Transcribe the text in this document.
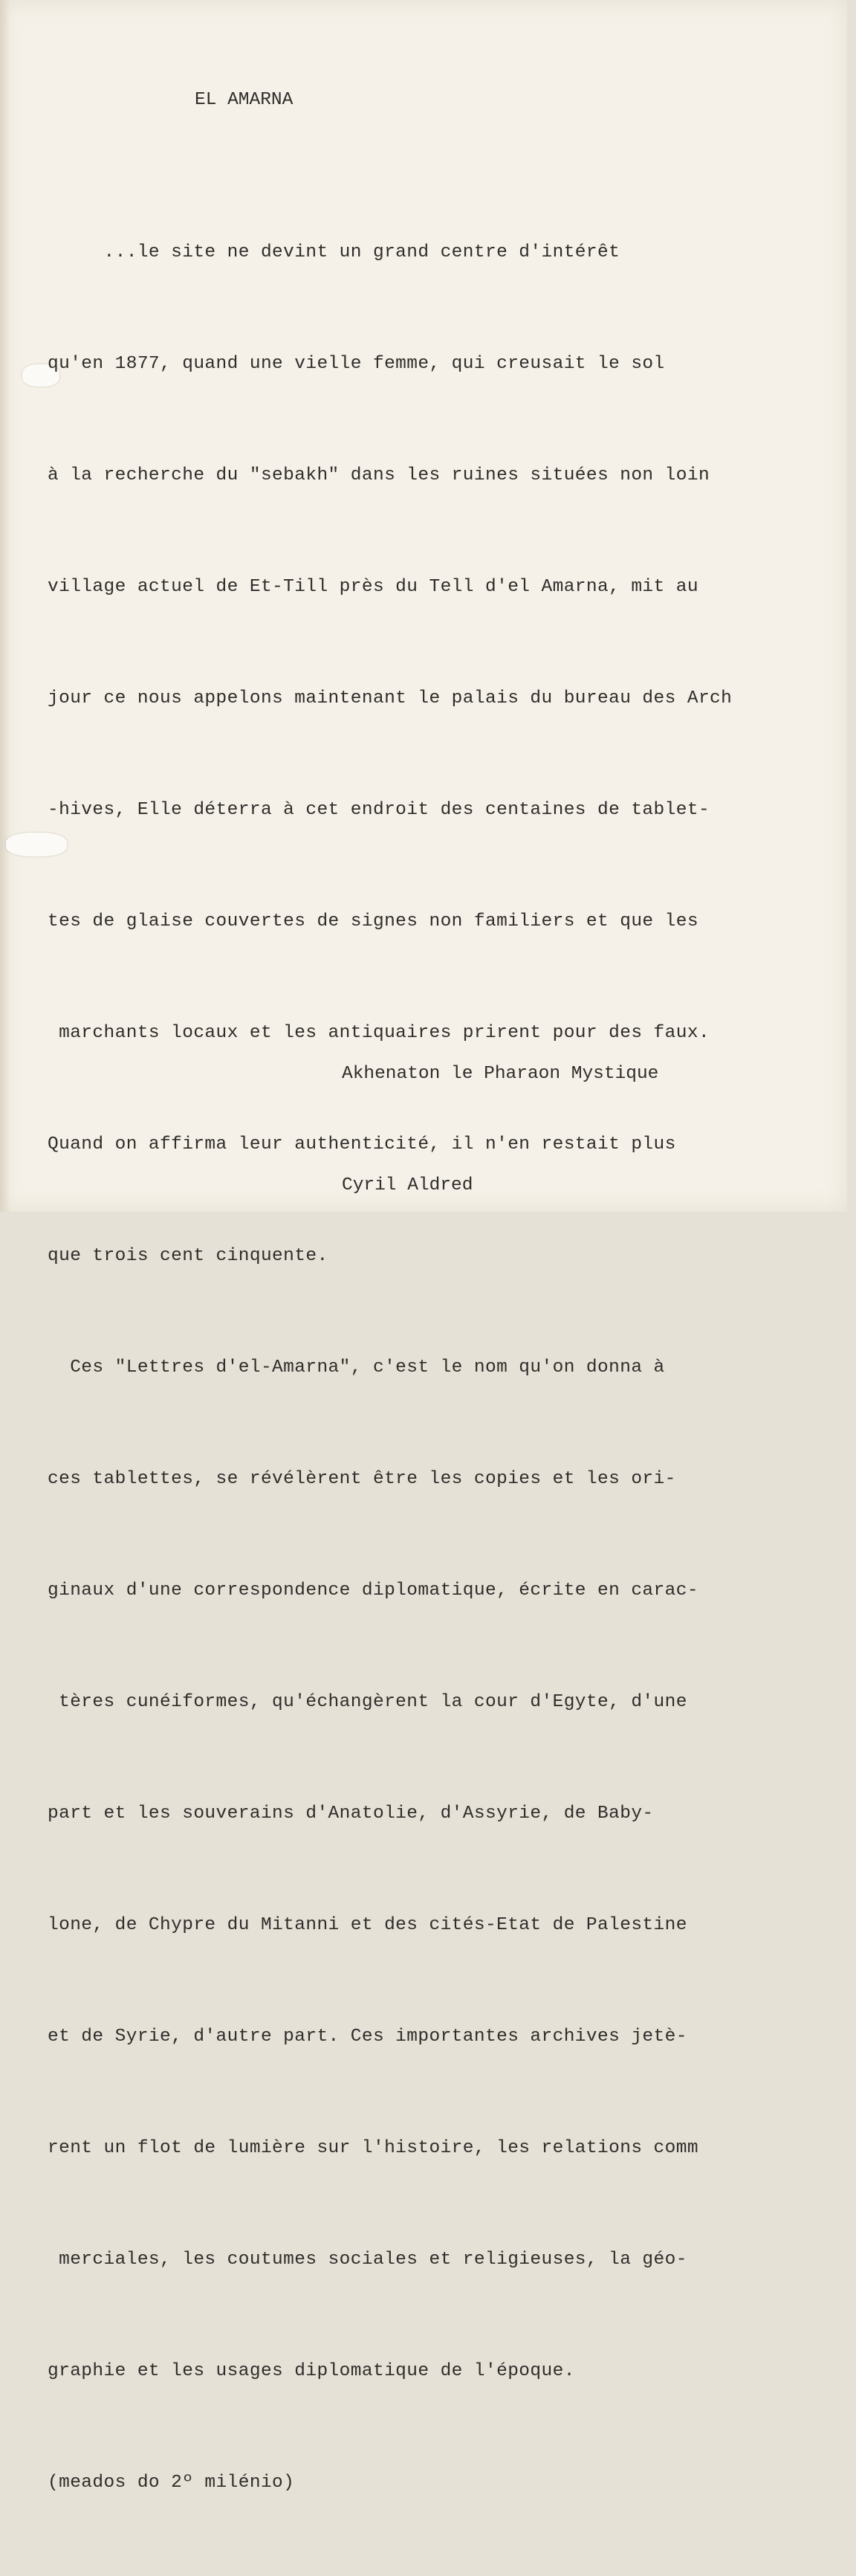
EL AMARNA

...le site ne devint un grand centre d'intérêt

qu'en 1877, quand une vielle femme, qui creusait le sol

à la recherche du "sebakh" dans les ruines situées non loin

village actuel de Et-Till près du Tell d'el Amarna, mit au

jour ce nous appelons maintenant le palais du bureau des Arch

-hives, Elle déterra à cet endroit des centaines de tablet-

tes de glaise couvertes de signes non familiers et que les

marchants locaux et les antiquaires prirent pour des faux.

Quand on affirma leur authenticité, il n'en restait plus

que trois cent cinquente.

Ces "Lettres d'el-Amarna", c'est le nom qu'on donna à

ces tablettes, se révélèrent être les copies et les ori-

ginaux d'une correspondence diplomatique, écrite en carac-

tères cunéiformes, qu'échangèrent la cour d'Egyte, d'une

part et les souverains d'Anatolie, d'Assyrie, de Baby-

lone, de Chypre du Mitanni et des cités-Etat de Palestine

et de Syrie, d'autre part. Ces importantes archives jetè-

rent un flot de lumière sur l'histoire, les relations comm

merciales, les coutumes sociales et religieuses, la géo-

graphie et les usages diplomatique de l'époque.

(meados do 2º milénio)

Akhenaton le Pharaon Mystique

Cyril Aldred
